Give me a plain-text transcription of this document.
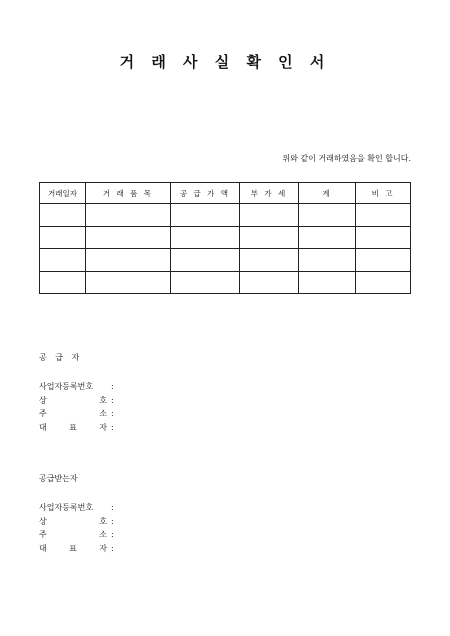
거 래 사 실 확 인 서
위와 같이 거래하였음을 확인 합니다.
거래일자	거 래 품 목	공 급 가 액	부 가 세	계	비 고

공 급 자
사업자등록번호 :
상	호 :
주	소 :
대	표	자 :
공급받는자
사업자등록번호 :
상	호 :
주	소 :
대	표	자 :
